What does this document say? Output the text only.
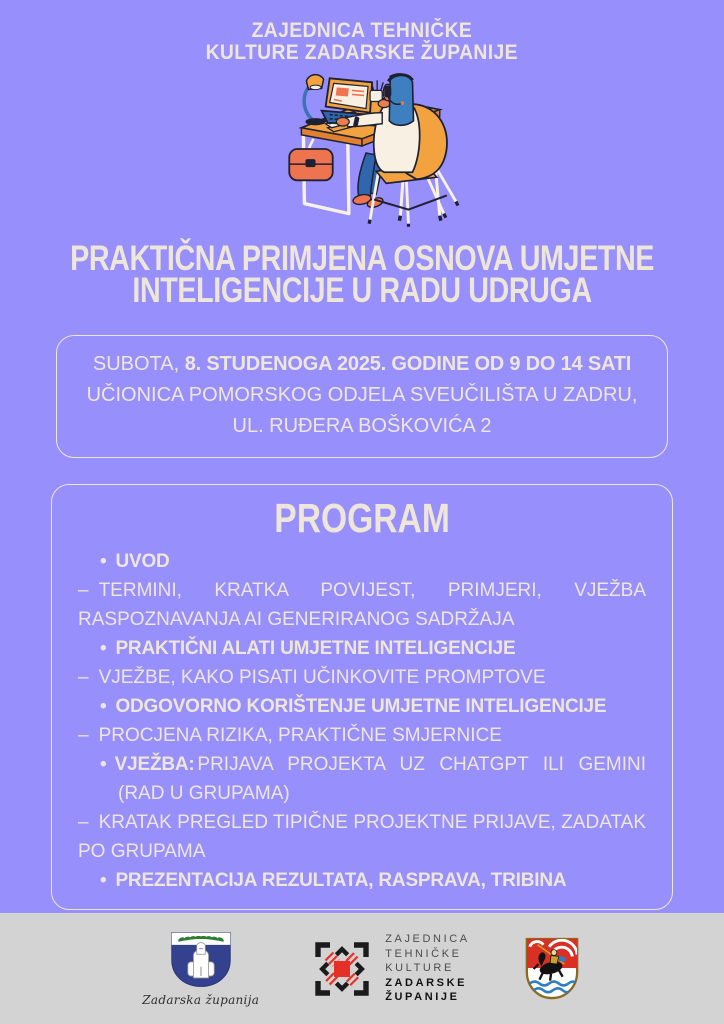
ZAJEDNICA TEHNIČKE
KULTURE ZADARSKE ŽUPANIJE
PRAKTIČNA PRIMJENA OSNOVA UMJETNE
INTELIGENCIJE U RADU UDRUGA
SUBOTA, 8. STUDENOGA 2025. GODINE OD 9 DO 14 SATI
UČIONICA POMORSKOG ODJELA SVEUČILIŠTA U ZADRU,
UL. RUĐERA BOŠKOVIĆA 2
PROGRAM
• UVOD
– TERMINI, KRATKA POVIJEST, PRIMJERI, VJEŽBA RASPOZNAVANJA AI GENERIRANOG SADRŽAJA
• PRAKTIČNI ALATI UMJETNE INTELIGENCIJE
– VJEŽBE, KAKO PISATI UČINKOVITE PROMPTOVE
• ODGOVORNO KORIŠTENJE UMJETNE INTELIGENCIJE
– PROCJENA RIZIKA, PRAKTIČNE SMJERNICE
• VJEŽBA: PRIJAVA PROJEKTA UZ CHATGPT ILI GEMINI (RAD U GRUPAMA)
– KRATAK PREGLED TIPIČNE PROJEKTNE PRIJAVE, ZADATAK PO GRUPAMA
• PREZENTACIJA REZULTATA, RASPRAVA, TRIBINA
Zadarska županija
ZAJEDNICA
TEHNIČKE
KULTURE
ZADARSKE
ŽUPANIJE
